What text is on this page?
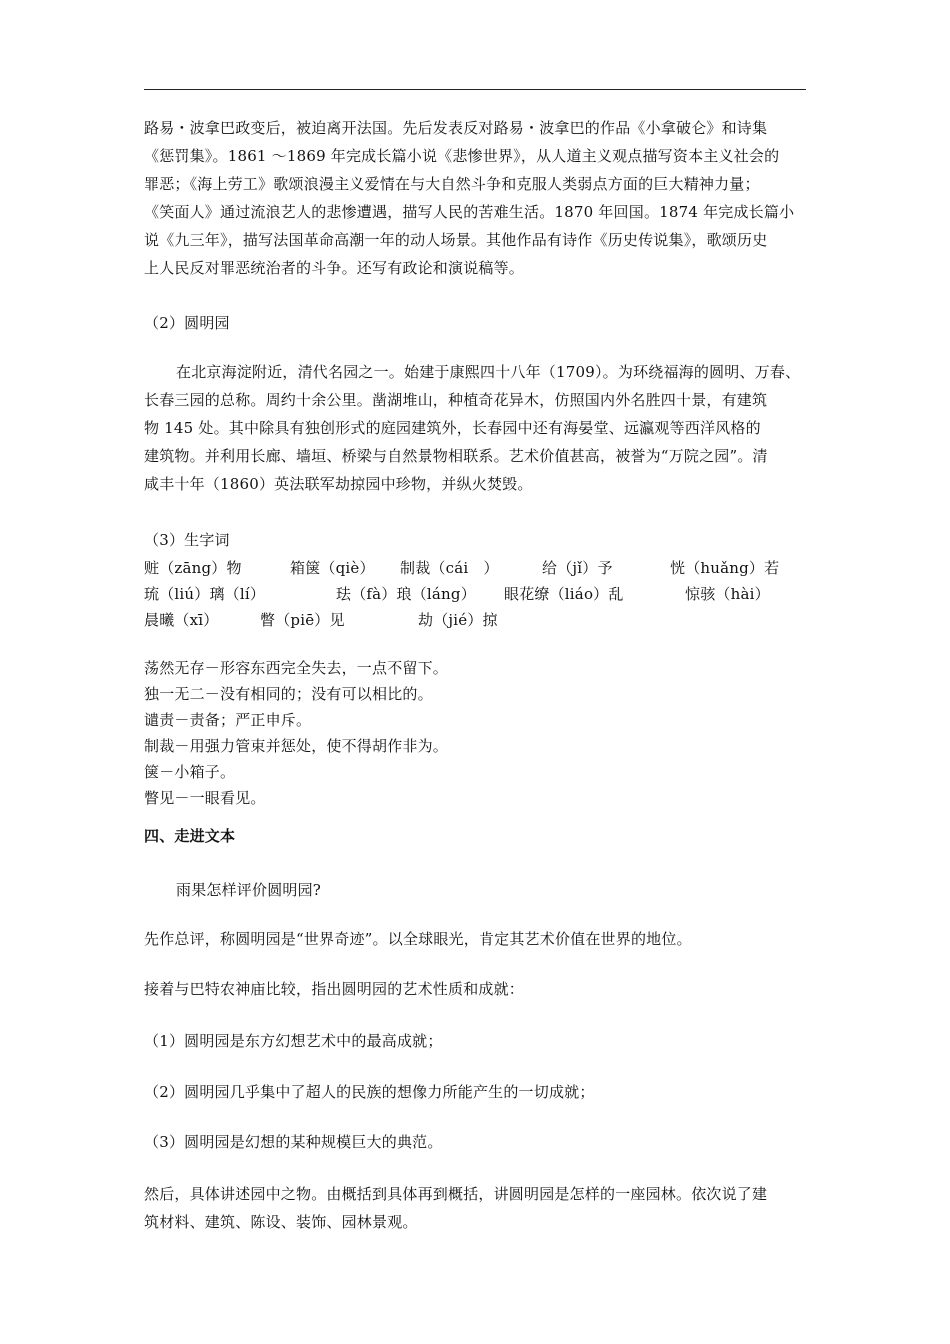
路易・波拿巴政变后，被迫离开法国。先后发表反对路易・波拿巴的作品《小拿破仑》和诗集
《惩罚集》。1861 ～1869 年完成长篇小说《悲惨世界》，从人道主义观点描写资本主义社会的
罪恶；《海上劳工》歌颂浪漫主义爱情在与大自然斗争和克服人类弱点方面的巨大精神力量；
《笑面人》通过流浪艺人的悲惨遭遇，描写人民的苦难生活。1870 年回国。1874 年完成长篇小
说《九三年》，描写法国革命高潮一年的动人场景。其他作品有诗作《历史传说集》，歌颂历史
上人民反对罪恶统治者的斗争。还写有政论和演说稿等。
（2）圆明园
在北京海淀附近，清代名园之一。始建于康熙四十八年（1709）。为环绕福海的圆明、万春、
长春三园的总称。周约十余公里。凿湖堆山，种植奇花异木，仿照国内外名胜四十景，有建筑
物 145 处。其中除具有独创形式的庭园建筑外，长春园中还有海晏堂、远瀛观等西洋风格的
建筑物。并利用长廊、墙垣、桥梁与自然景物相联系。艺术价值甚高，被誉为“万院之园”。清
咸丰十年（1860）英法联军劫掠园中珍物，并纵火焚毁。
（3）生字词
赃（zāng）物	箱箧（qiè） 制裁（cái　）	给（jǐ）予	恍（huǎng）若
琉（liú）璃（lí）	珐（fà）琅（láng） 眼花缭（liáo）乱	惊骇（hài）
晨曦（xī）	瞥（piē）见	劫（jié）掠
荡然无存－形容东西完全失去，一点不留下。
独一无二－没有相同的；没有可以相比的。
谴责－责备；严正申斥。
制裁－用强力管束并惩处，使不得胡作非为。
箧－小箱子。
瞥见－一眼看见。
四、走进文本
雨果怎样评价圆明园?
先作总评，称圆明园是“世界奇迹”。以全球眼光，肯定其艺术价值在世界的地位。
接着与巴特农神庙比较，指出圆明园的艺术性质和成就：
（1）圆明园是东方幻想艺术中的最高成就；
（2）圆明园几乎集中了超人的民族的想像力所能产生的一切成就；
（3）圆明园是幻想的某种规模巨大的典范。
然后，具体讲述园中之物。由概括到具体再到概括，讲圆明园是怎样的一座园林。依次说了建
筑材料、建筑、陈设、装饰、园林景观。
